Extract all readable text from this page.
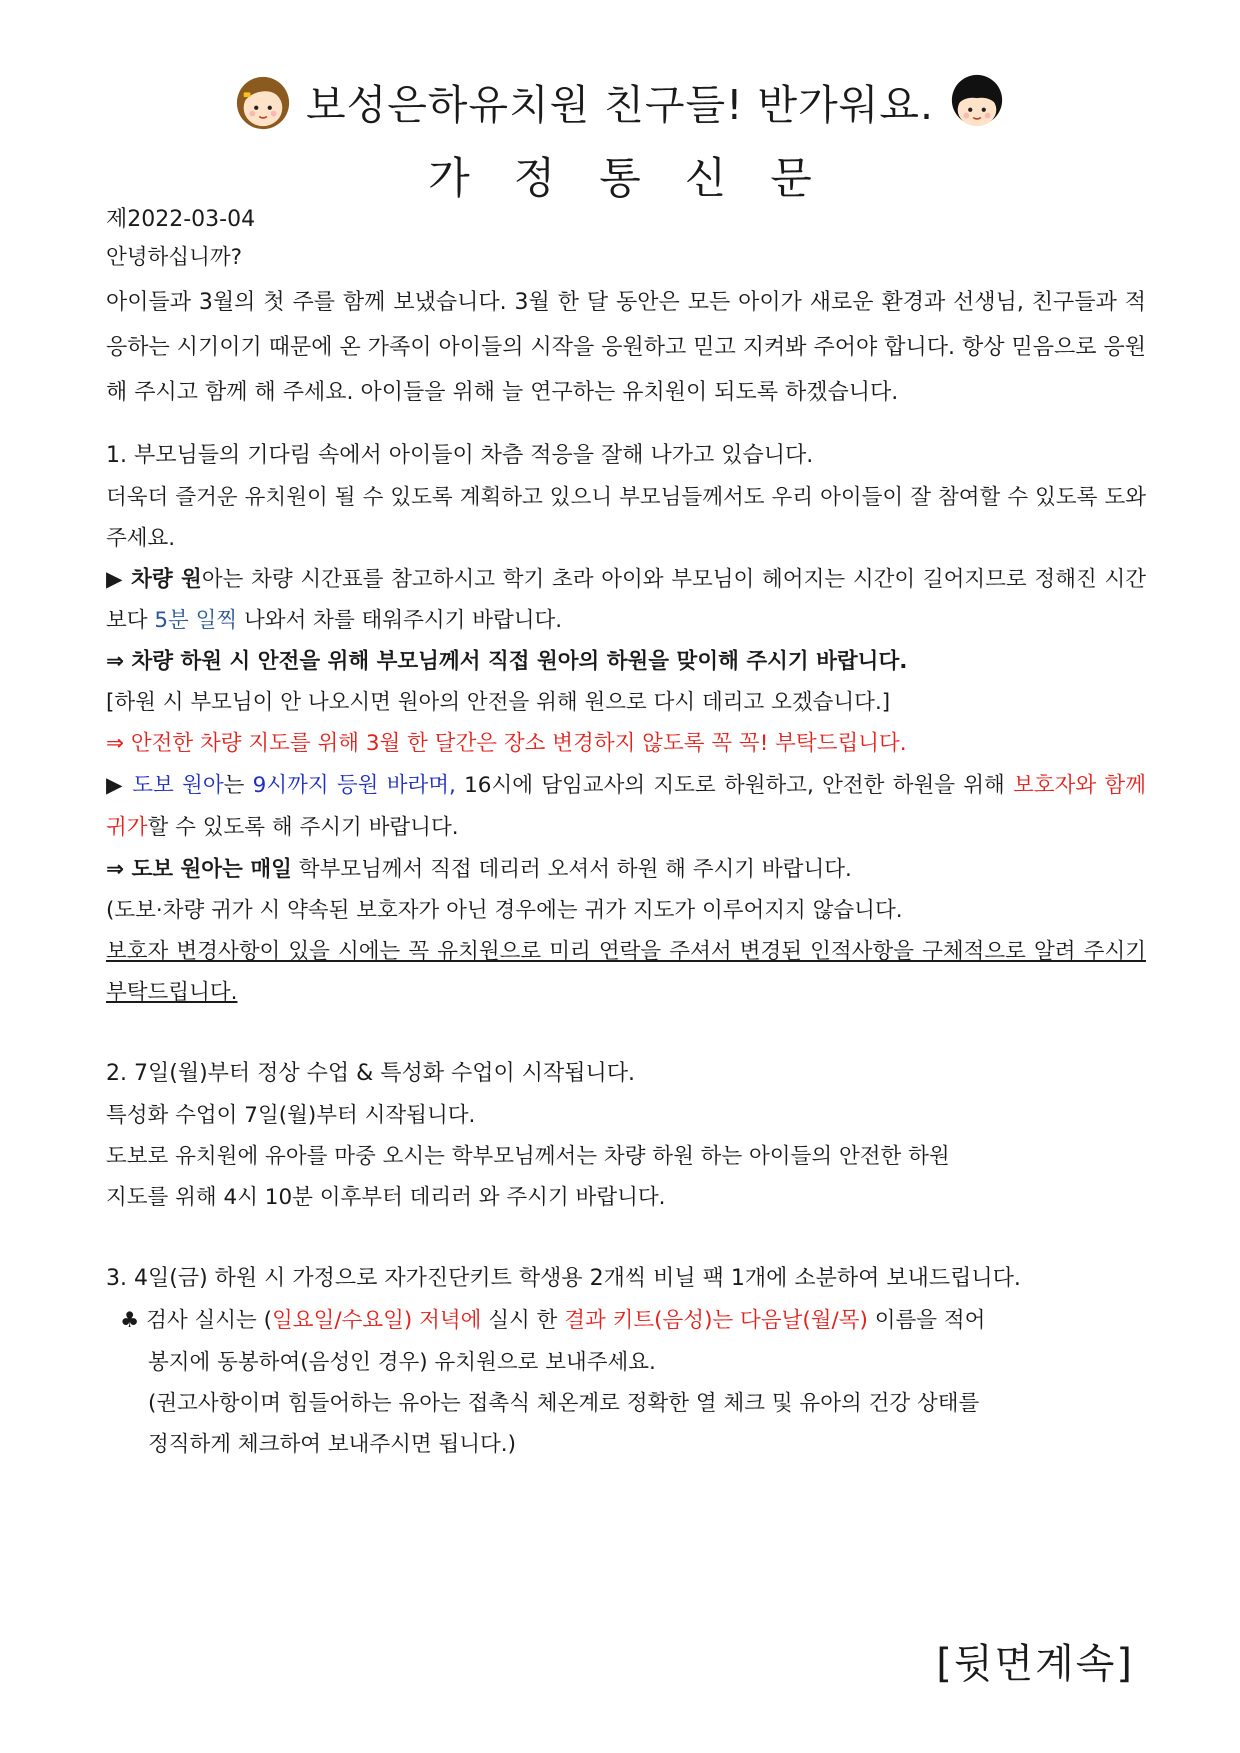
보성은하유치원 친구들! 반가워요.
가정통신문

제2022-03-04

안녕하십니까?

아이들과 3월의 첫 주를 함께 보냈습니다. 3월 한 달 동안은 모든 아이가 새로운 환경과 선생님, 친구들과 적응하는 시기이기 때문에 온 가족이 아이들의 시작을 응원하고 믿고 지켜봐 주어야 합니다. 항상 믿음으로 응원해 주시고 함께 해 주세요. 아이들을 위해 늘 연구하는 유치원이 되도록 하겠습니다.

1. 부모님들의 기다림 속에서 아이들이 차츰 적응을 잘해 나가고 있습니다.

더욱더 즐거운 유치원이 될 수 있도록 계획하고 있으니 부모님들께서도 우리 아이들이 잘 참여할 수 있도록 도와주세요.

▶ 차량 원아는 차량 시간표를 참고하시고 학기 초라 아이와 부모님이 헤어지는 시간이 길어지므로 정해진 시간보다 5분 일찍 나와서 차를 태워주시기 바랍니다.

⇒ 차량 하원 시 안전을 위해 부모님께서 직접 원아의 하원을 맞이해 주시기 바랍니다.

[하원 시 부모님이 안 나오시면 원아의 안전을 위해 원으로 다시 데리고 오겠습니다.]

⇒ 안전한 차량 지도를 위해 3월 한 달간은 장소 변경하지 않도록 꼭 꼭! 부탁드립니다.

▶ 도보 원아는 9시까지 등원 바라며, 16시에 담임교사의 지도로 하원하고, 안전한 하원을 위해 보호자와 함께 귀가할 수 있도록 해 주시기 바랍니다.

⇒ 도보 원아는 매일 학부모님께서 직접 데리러 오셔서 하원 해 주시기 바랍니다.

(도보·차량 귀가 시 약속된 보호자가 아닌 경우에는 귀가 지도가 이루어지지 않습니다.

보호자 변경사항이 있을 시에는 꼭 유치원으로 미리 연락을 주셔서 변경된 인적사항을 구체적으로 알려 주시기 부탁드립니다.

2. 7일(월)부터 정상 수업 & 특성화 수업이 시작됩니다.

특성화 수업이 7일(월)부터 시작됩니다.

도보로 유치원에 유아를 마중 오시는 학부모님께서는 차량 하원 하는 아이들의 안전한 하원

지도를 위해 4시 10분 이후부터 데리러 와 주시기 바랍니다.

3. 4일(금) 하원 시 가정으로 자가진단키트 학생용 2개씩 비닐 팩 1개에 소분하여 보내드립니다.

♣ 검사 실시는 (일요일/수요일) 저녁에 실시 한 결과 키트(음성)는 다음날(월/목) 이름을 적어

봉지에 동봉하여(음성인 경우) 유치원으로 보내주세요.

(권고사항이며 힘들어하는 유아는 접촉식 체온계로 정확한 열 체크 및 유아의 건강 상태를

정직하게 체크하여 보내주시면 됩니다.)

[뒷면계속]
